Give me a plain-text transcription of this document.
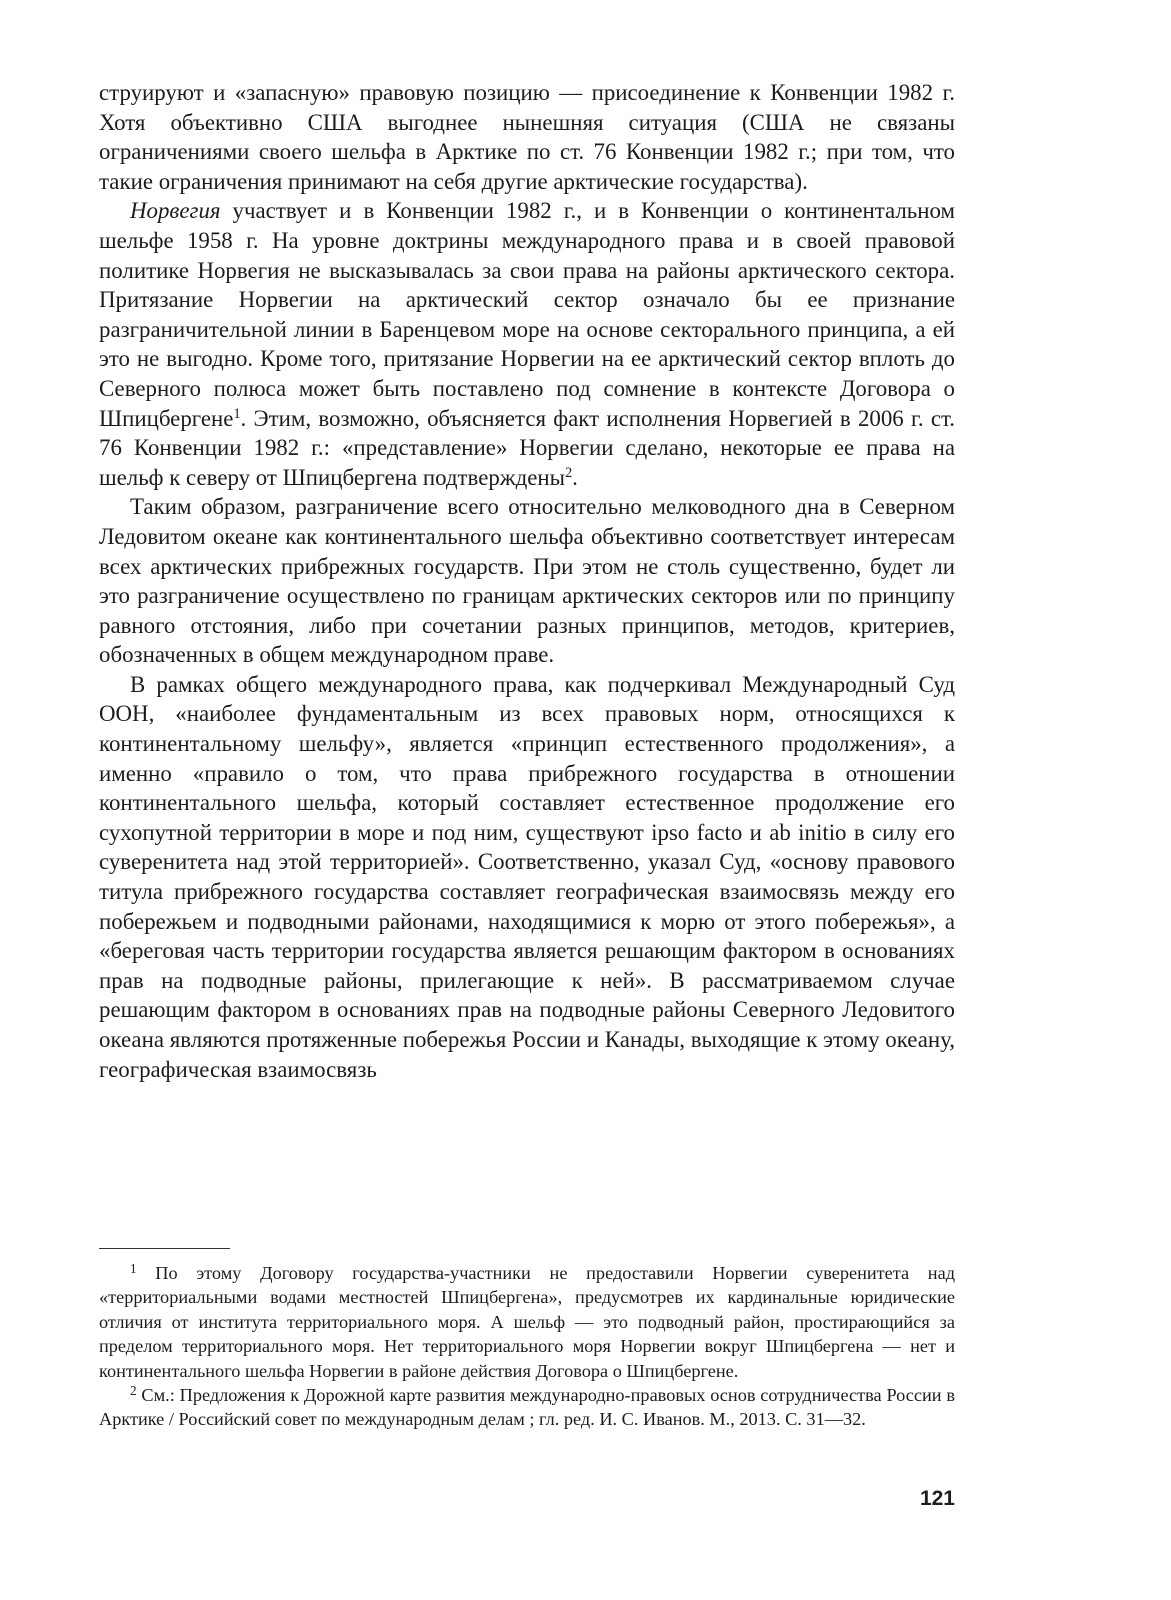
струируют и «запасную» правовую позицию — присоединение к Конвенции 1982 г. Хотя объективно США выгоднее нынешняя ситуация (США не связаны ограничениями своего шельфа в Арктике по ст. 76 Конвенции 1982 г.; при том, что такие ограничения принимают на себя другие арктические государства).

Норвегия участвует и в Конвенции 1982 г., и в Конвенции о континентальном шельфе 1958 г. На уровне доктрины международного права и в своей правовой политике Норвегия не высказывалась за свои права на районы арктического сектора. Притязание Норвегии на арктический сектор означало бы ее признание разграничительной линии в Баренцевом море на основе секторального принципа, а ей это не выгодно. Кроме того, притязание Норвегии на ее арктический сектор вплоть до Северного полюса может быть поставлено под сомнение в контексте Договора о Шпицбергене$^1$. Этим, возможно, объясняется факт исполнения Норвегией в 2006 г. ст. 76 Конвенции 1982 г.: «представление» Норвегии сделано, некоторые ее права на шельф к северу от Шпицбергена подтверждены$^2$.

Таким образом, разграничение всего относительно мелководного дна в Северном Ледовитом океане как континентального шельфа объективно соответствует интересам всех арктических прибрежных государств. При этом не столь существенно, будет ли это разграничение осуществлено по границам арктических секторов или по принципу равного отстояния, либо при сочетании разных принципов, методов, критериев, обозначенных в общем международном праве.

В рамках общего международного права, как подчеркивал Международный Суд ООН, «наиболее фундаментальным из всех правовых норм, относящихся к континентальному шельфу», является «принцип естественного продолжения», а именно «правило о том, что права прибрежного государства в отношении континентального шельфа, который составляет естественное продолжение его сухопутной территории в море и под ним, существуют ipso facto и ab initio в силу его суверенитета над этой территорией». Соответственно, указал Суд, «основу правового титула прибрежного государства составляет географическая взаимосвязь между его побережьем и подводными районами, находящимися к морю от этого побережья», а «береговая часть территории государства является решающим фактором в основаниях прав на подводные районы, прилегающие к ней». В рассматриваемом случае решающим фактором в основаниях прав на подводные районы Северного Ледовитого океана являются протяженные побережья России и Канады, выходящие к этому океану, географическая взаимосвязь

$^1$ По этому Договору государства-участники не предоставили Норвегии суверенитета над «территориальными водами местностей Шпицбергена», предусмотрев их кардинальные юридические отличия от института территориального моря. А шельф — это подводный район, простирающийся за пределом территориального моря. Нет территориального моря Норвегии вокруг Шпицбергена — нет и континентального шельфа Норвегии в районе действия Договора о Шпицбергене.

$^2$ См.: Предложения к Дорожной карте развития международно-правовых основ сотрудничества России в Арктике / Российский совет по международным делам ; гл. ред. И. С. Иванов. М., 2013. С. 31—32.

121
